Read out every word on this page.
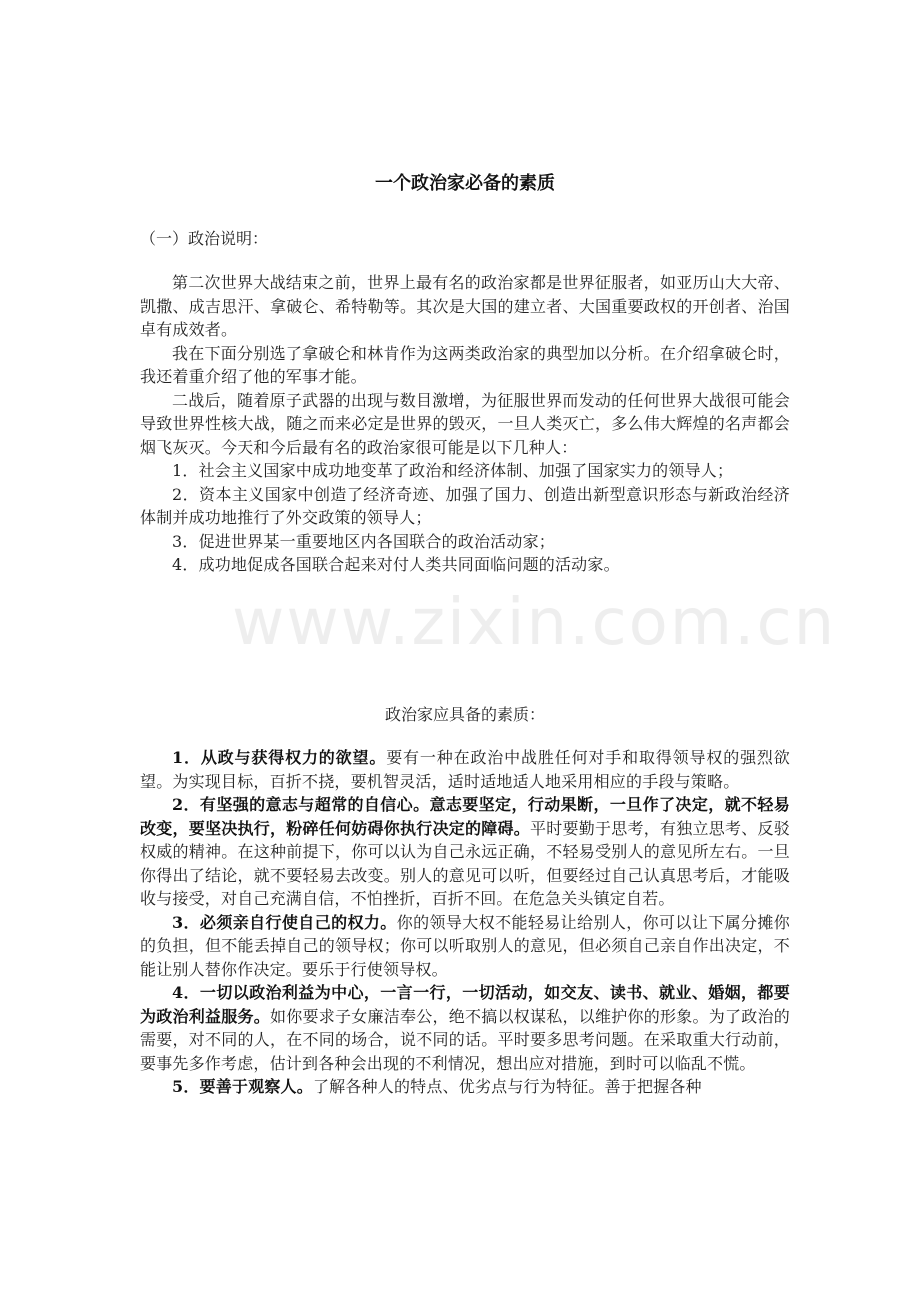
www.zixin.com.cn
一个政治家必备的素质
（一）政治说明：

第二次世界大战结束之前，世界上最有名的政治家都是世界征服者，如亚历山大大帝、凯撒、成吉思汗、拿破仑、希特勒等。其次是大国的建立者、大国重要政权的开创者、治国卓有成效者。

我在下面分别选了拿破仑和林肯作为这两类政治家的典型加以分析。在介绍拿破仑时，我还着重介绍了他的军事才能。

二战后，随着原子武器的出现与数目激增，为征服世界而发动的任何世界大战很可能会导致世界性核大战，随之而来必定是世界的毁灭，一旦人类灭亡，多么伟大辉煌的名声都会烟飞灰灭。今天和今后最有名的政治家很可能是以下几种人：

1．社会主义国家中成功地变革了政治和经济体制、加强了国家实力的领导人；

2．资本主义国家中创造了经济奇迹、加强了国力、创造出新型意识形态与新政治经济体制并成功地推行了外交政策的领导人；

3．促进世界某一重要地区内各国联合的政治活动家；

4．成功地促成各国联合起来对付人类共同面临问题的活动家。

政治家应具备的素质：

1．从政与获得权力的欲望。要有一种在政治中战胜任何对手和取得领导权的强烈欲望。为实现目标，百折不挠，要机智灵活，适时适地适人地采用相应的手段与策略。

2．有坚强的意志与超常的自信心。意志要坚定，行动果断，一旦作了决定，就不轻易改变，要坚决执行，粉碎任何妨碍你执行决定的障碍。平时要勤于思考，有独立思考、反驳权威的精神。在这种前提下，你可以认为自己永远正确，不轻易受别人的意见所左右。一旦你得出了结论，就不要轻易去改变。别人的意见可以听，但要经过自己认真思考后，才能吸收与接受，对自己充满自信，不怕挫折，百折不回。在危急关头镇定自若。

3．必须亲自行使自己的权力。你的领导大权不能轻易让给别人，你可以让下属分摊你的负担，但不能丢掉自己的领导权；你可以听取别人的意见，但必须自己亲自作出决定，不能让别人替你作决定。要乐于行使领导权。

4．一切以政治利益为中心，一言一行，一切活动，如交友、读书、就业、婚姻，都要为政治利益服务。如你要求子女廉洁奉公，绝不搞以权谋私，以维护你的形象。为了政治的需要，对不同的人，在不同的场合，说不同的话。平时要多思考问题。在采取重大行动前，要事先多作考虑，估计到各种会出现的不利情况，想出应对措施，到时可以临乱不慌。

5．要善于观察人。了解各种人的特点、优劣点与行为特征。善于把握各种
